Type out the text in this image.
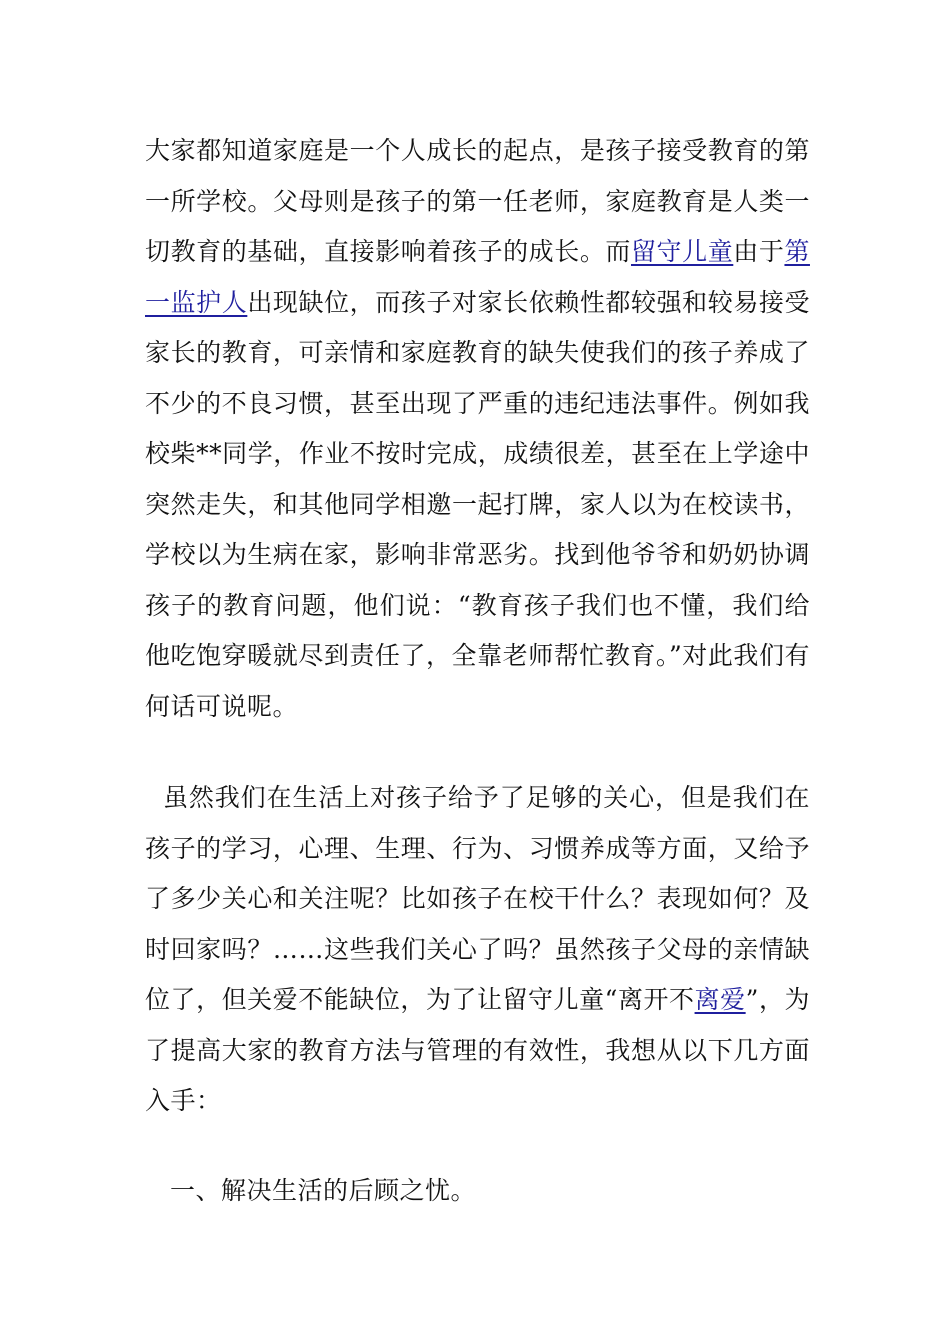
大家都知道家庭是一个人成长的起点，是孩子接受教育的第一所学校。父母则是孩子的第一任老师，家庭教育是人类一切教育的基础，直接影响着孩子的成长。而留守儿童由于第一监护人出现缺位，而孩子对家长依赖性都较强和较易接受家长的教育，可亲情和家庭教育的缺失使我们的孩子养成了不少的不良习惯，甚至出现了严重的违纪违法事件。例如我校柴**同学，作业不按时完成，成绩很差，甚至在上学途中突然走失，和其他同学相邀一起打牌，家人以为在校读书，学校以为生病在家，影响非常恶劣。找到他爷爷和奶奶协调孩子的教育问题，他们说：“教育孩子我们也不懂，我们给他吃饱穿暖就尽到责任了，全靠老师帮忙教育。”对此我们有何话可说呢。

虽然我们在生活上对孩子给予了足够的关心，但是我们在孩子的学习，心理、生理、行为、习惯养成等方面，又给予了多少关心和关注呢？比如孩子在校干什么？表现如何？及时回家吗？……这些我们关心了吗？虽然孩子父母的亲情缺位了，但关爱不能缺位，为了让留守儿童“离开不离爱”，为了提高大家的教育方法与管理的有效性，我想从以下几方面入手：

一、解决生活的后顾之忧。
